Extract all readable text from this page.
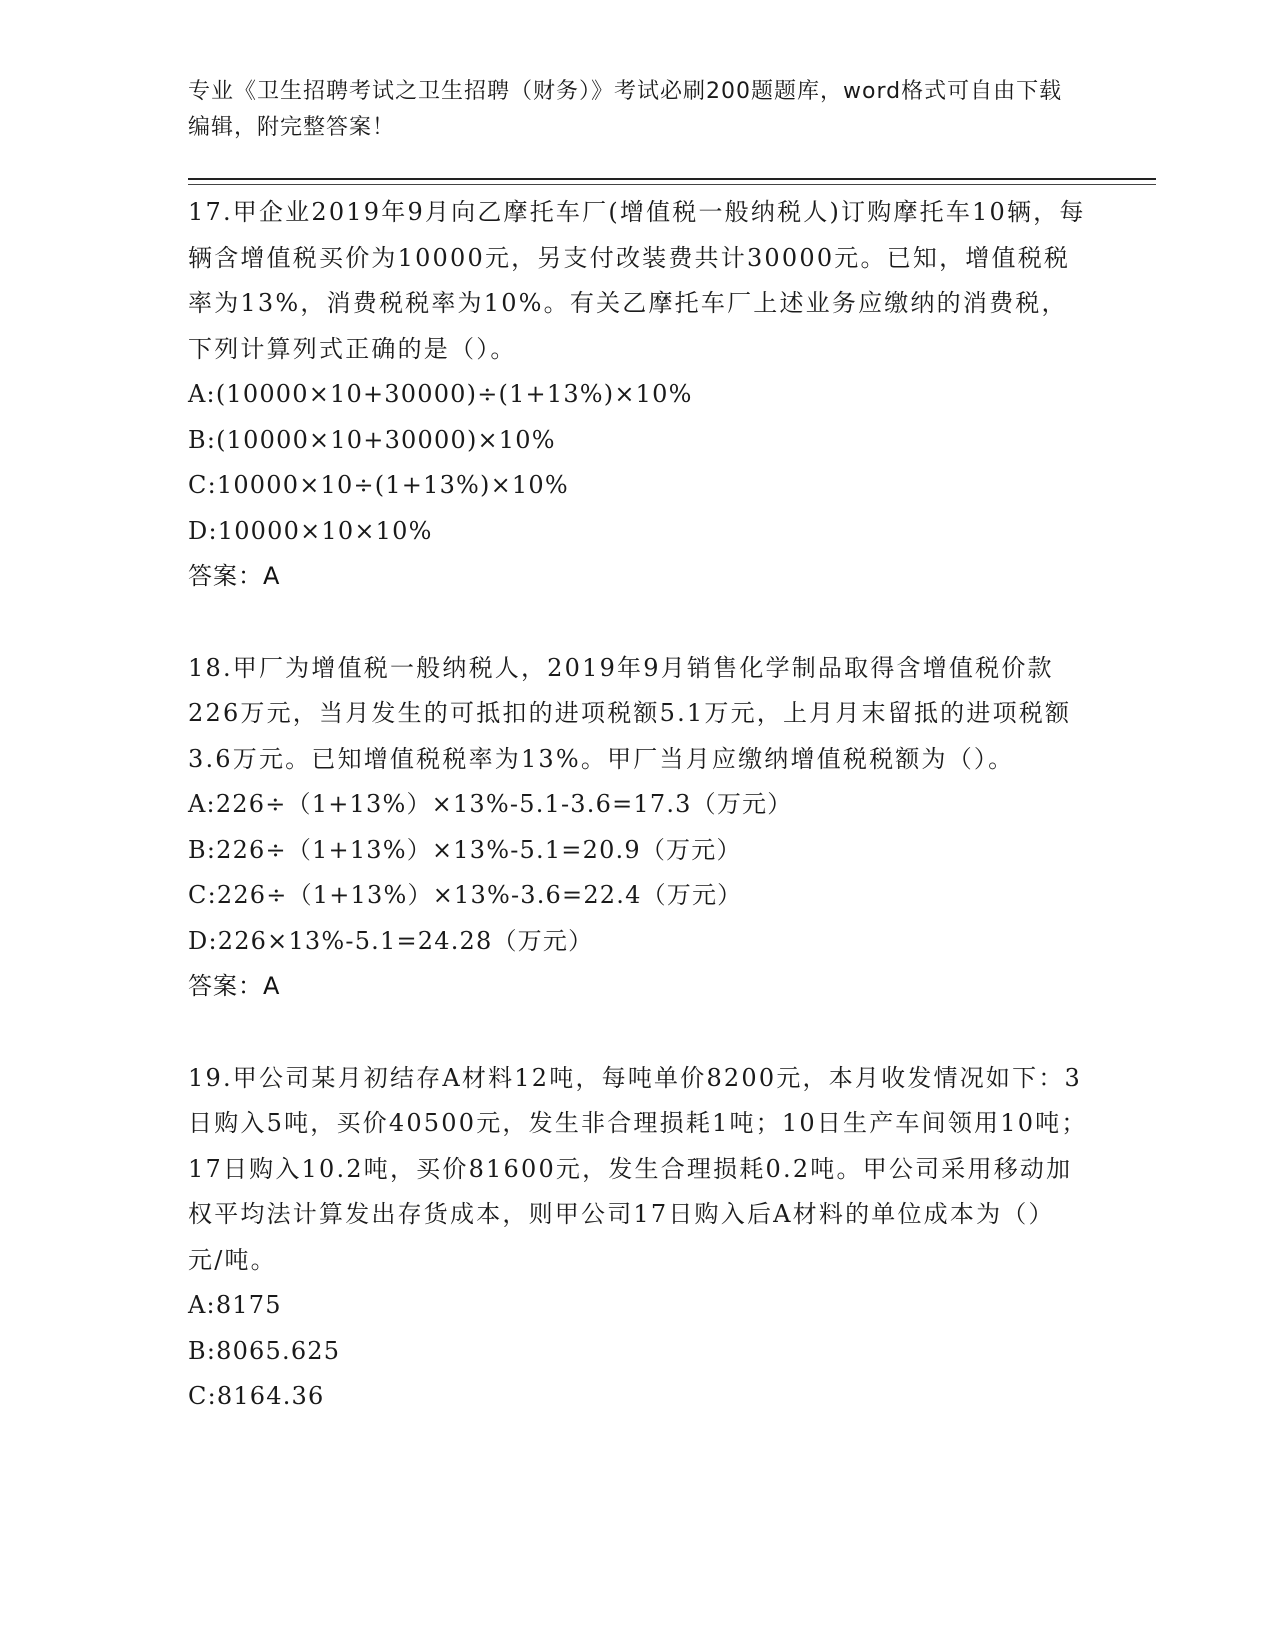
专业《卫生招聘考试之卫生招聘（财务）》考试必刷200题题库，word格式可自由下载编辑，附完整答案！

17.甲企业2019年9月向乙摩托车厂(增值税一般纳税人)订购摩托车10辆，每辆含增值税买价为10000元，另支付改装费共计30000元。已知，增值税税率为13%，消费税税率为10%。有关乙摩托车厂上述业务应缴纳的消费税，下列计算列式正确的是（）。

A:(10000×10+30000)÷(1+13%)×10%

B:(10000×10+30000)×10%

C:10000×10÷(1+13%)×10%

D:10000×10×10%

答案：A

18.甲厂为增值税一般纳税人，2019年9月销售化学制品取得含增值税价款226万元，当月发生的可抵扣的进项税额5.1万元，上月月末留抵的进项税额3.6万元。已知增值税税率为13%。甲厂当月应缴纳增值税税额为（）。

A:226÷（1+13%）×13%-5.1-3.6=17.3（万元）

B:226÷（1+13%）×13%-5.1=20.9（万元）

C:226÷（1+13%）×13%-3.6=22.4（万元）

D:226×13%-5.1=24.28（万元）

答案：A

19.甲公司某月初结存A材料12吨，每吨单价8200元，本月收发情况如下：3日购入5吨，买价40500元，发生非合理损耗1吨；10日生产车间领用10吨；17日购入10.2吨，买价81600元，发生合理损耗0.2吨。甲公司采用移动加权平均法计算发出存货成本，则甲公司17日购入后A材料的单位成本为（）元/吨。

A:8175

B:8065.625

C:8164.36
